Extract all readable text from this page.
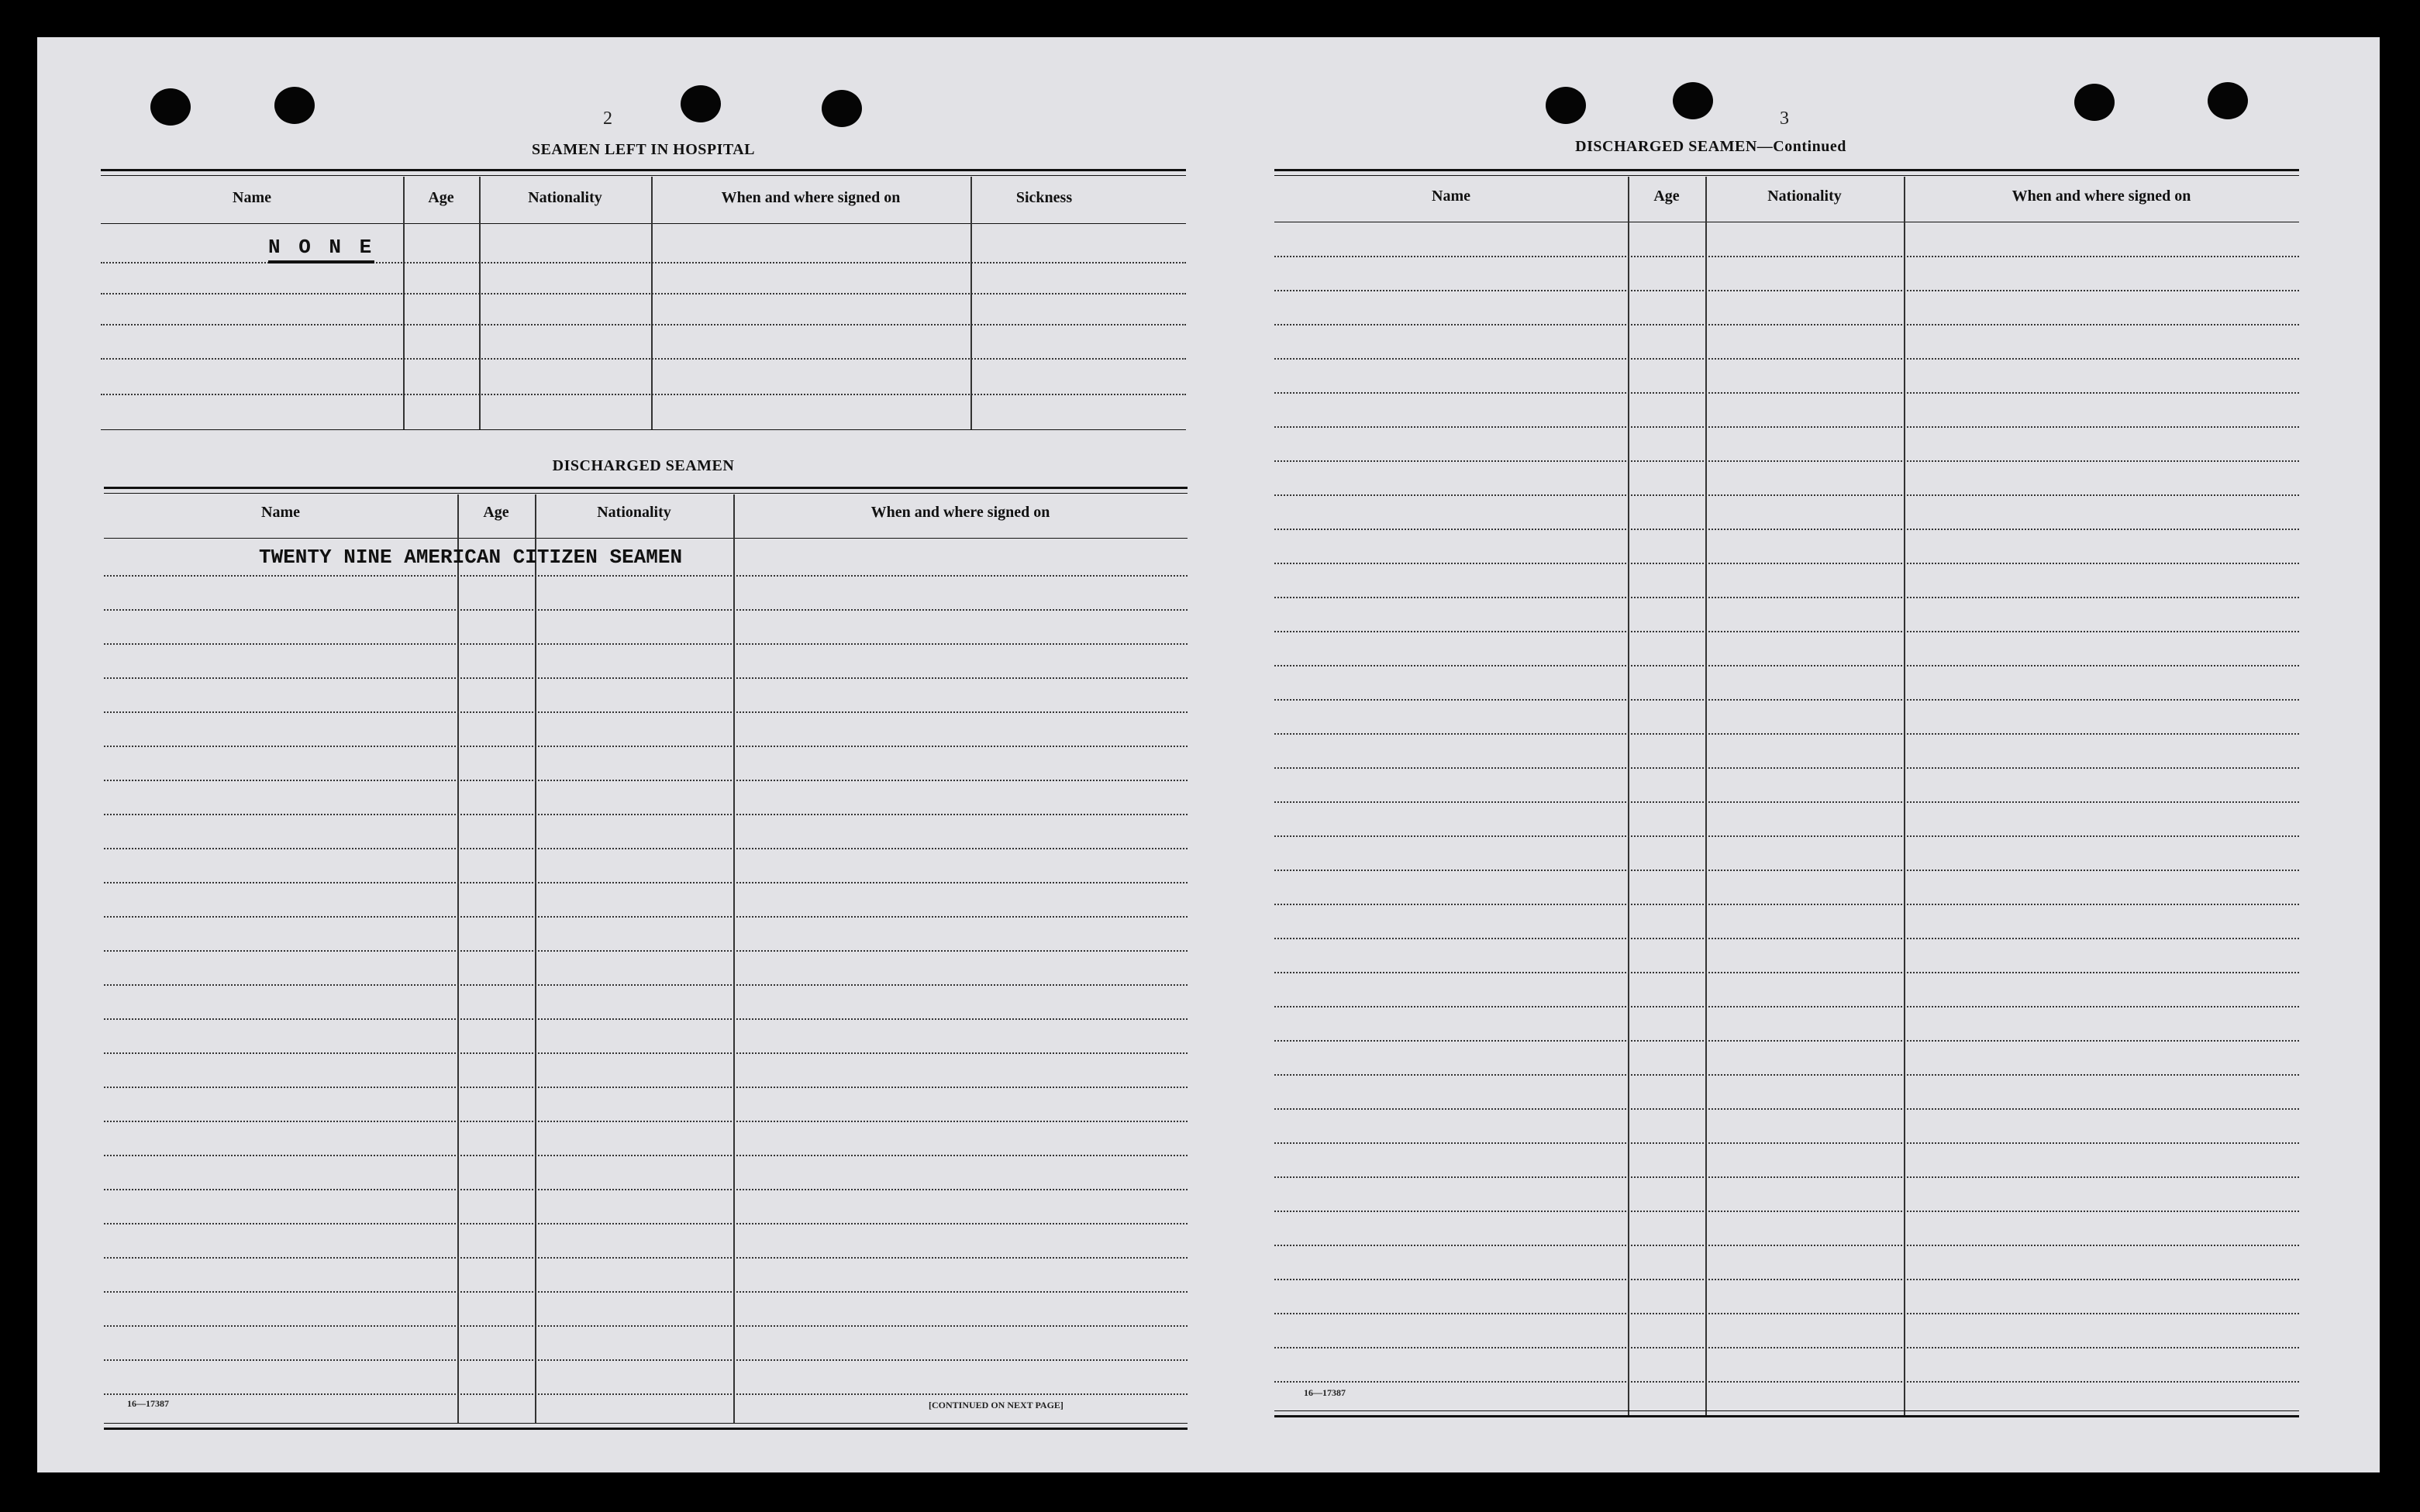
2
SEAMEN LEFT IN HOSPITAL
Name	Age	Nationality	When and where signed on	Sickness
N O N E
DISCHARGED SEAMEN
Name	Age	Nationality	When and where signed on
TWENTY NINE AMERICAN CITIZEN SEAMEN
16—17387	[CONTINUED ON NEXT PAGE]
3
DISCHARGED SEAMEN—Continued
Name	Age	Nationality	When and where signed on
16—17387
